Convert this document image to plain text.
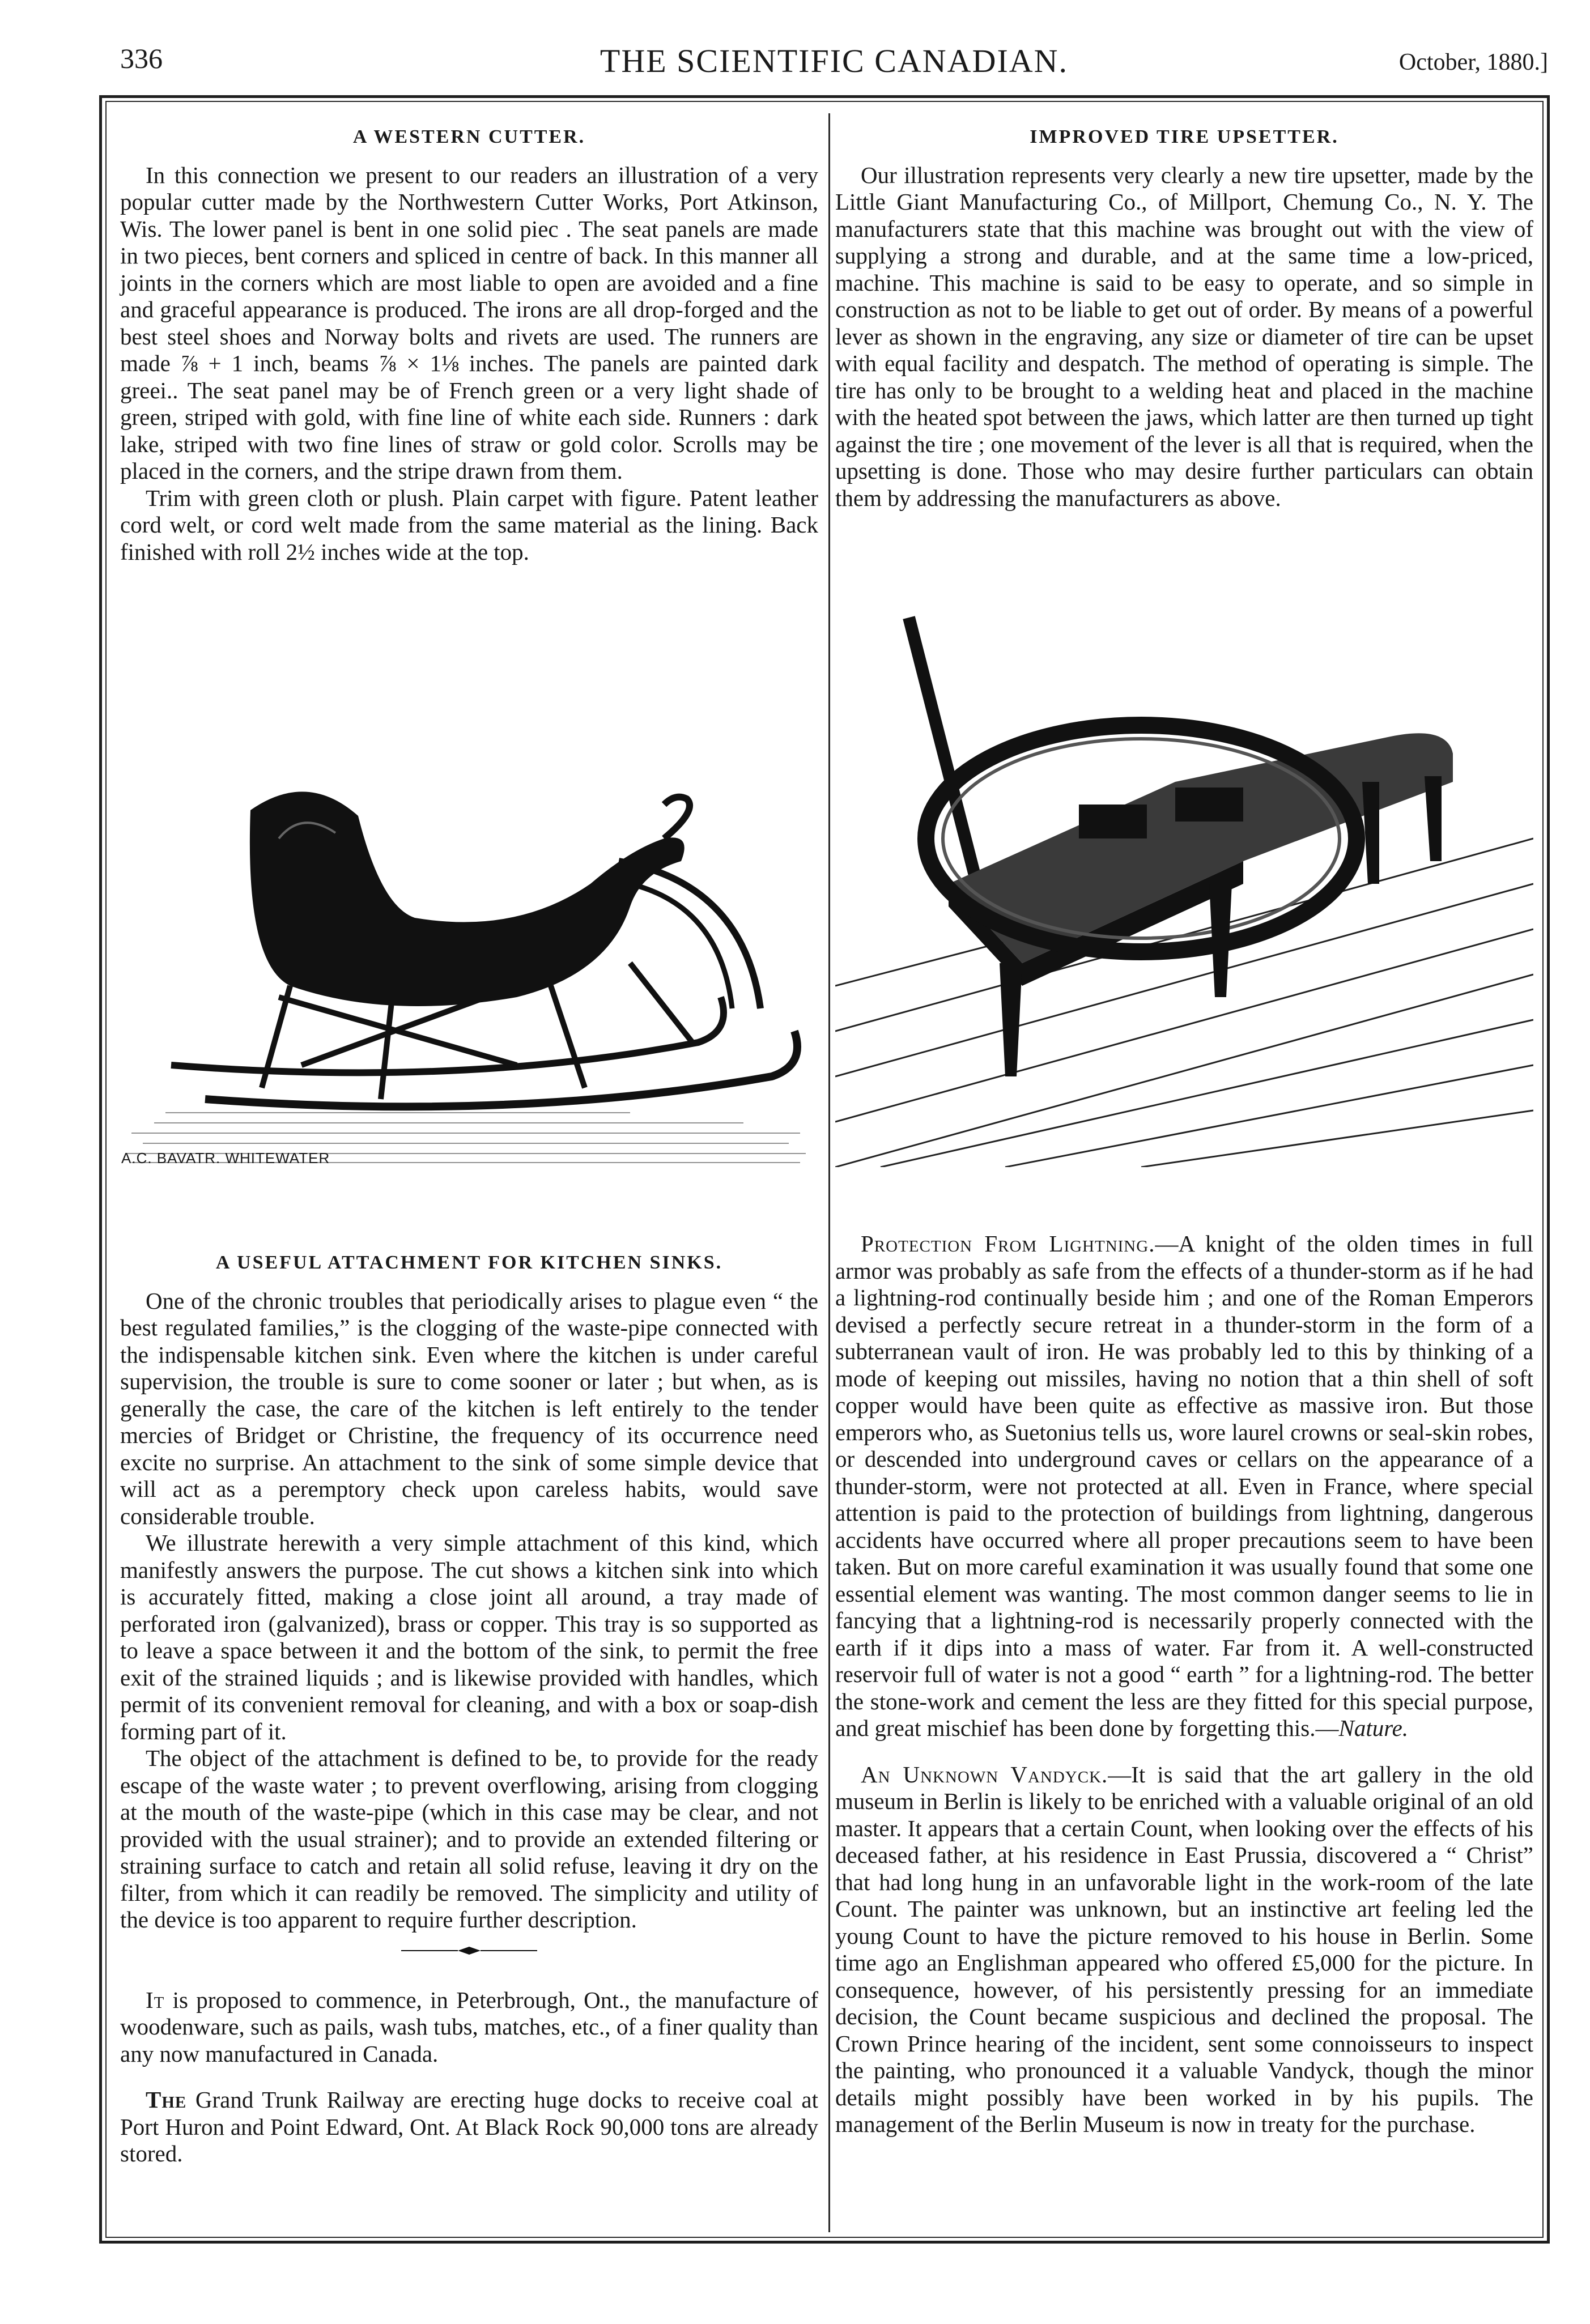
336	THE SCIENTIFIC CANADIAN.	October, 1880.]
A WESTERN CUTTER.

In this connection we present to our readers an illustration of a very popular cutter made by the Northwestern Cutter Works, Port Atkinson, Wis. The lower panel is bent in one solid piec . The seat panels are made in two pieces, bent corners and spliced in centre of back. In this manner all joints in the corners which are most liable to open are avoided and a fine and graceful appearance is produced. The irons are all drop-forged and the best steel shoes and Norway bolts and rivets are used. The runners are made ⅞ + 1 inch, beams ⅞ × 1⅛ inches. The panels are painted dark greei.. The seat panel may be of French green or a very light shade of green, striped with gold, with fine line of white each side. Runners : dark lake, striped with two fine lines of straw or gold color. Scrolls may be placed in the corners, and the stripe drawn from them.

Trim with green cloth or plush. Plain carpet with figure. Patent leather cord welt, or cord welt made from the same material as the lining. Back finished with roll 2½ inches wide at the top.

A.C. BAVATR. WHITEWATER
A USEFUL ATTACHMENT FOR KITCHEN SINKS.

One of the chronic troubles that periodically arises to plague even “ the best regulated families,” is the clogging of the waste-pipe connected with the indispensable kitchen sink. Even where the kitchen is under careful supervision, the trouble is sure to come sooner or later ; but when, as is generally the case, the care of the kitchen is left entirely to the tender mercies of Bridget or Christine, the frequency of its occurrence need excite no surprise. An attachment to the sink of some simple device that will act as a peremptory check upon careless habits, would save considerable trouble.

We illustrate herewith a very simple attachment of this kind, which manifestly answers the purpose. The cut shows a kitchen sink into which is accurately fitted, making a close joint all around, a tray made of perforated iron (galvanized), brass or copper. This tray is so supported as to leave a space between it and the bottom of the sink, to permit the free exit of the strained liquids ; and is likewise provided with handles, which permit of its convenient removal for cleaning, and with a box or soap-dish forming part of it.

The object of the attachment is defined to be, to provide for the ready escape of the waste water ; to prevent overflowing, arising from clogging at the mouth of the waste-pipe (which in this case may be clear, and not provided with the usual strainer); and to provide an extended filtering or straining surface to catch and retain all solid refuse, leaving it dry on the filter, from which it can readily be removed. The simplicity and utility of the device is too apparent to require further description.

It is proposed to commence, in Peterbrough, Ont., the manufacture of woodenware, such as pails, wash tubs, matches, etc., of a finer quality than any now manufactured in Canada.

The Grand Trunk Railway are erecting huge docks to receive coal at Port Huron and Point Edward, Ont. At Black Rock 90,000 tons are already stored.

IMPROVED TIRE UPSETTER.

Our illustration represents very clearly a new tire upsetter, made by the Little Giant Manufacturing Co., of Millport, Chemung Co., N. Y. The manufacturers state that this machine was brought out with the view of supplying a strong and durable, and at the same time a low-priced, machine. This machine is said to be easy to operate, and so simple in construction as not to be liable to get out of order. By means of a powerful lever as shown in the engraving, any size or diameter of tire can be upset with equal facility and despatch. The method of operating is simple. The tire has only to be brought to a welding heat and placed in the machine with the heated spot between the jaws, which latter are then turned up tight against the tire ; one movement of the lever is all that is required, when the upsetting is done. Those who may desire further particulars can obtain them by addressing the manufacturers as above.

Protection From Lightning.—A knight of the olden times in full armor was probably as safe from the effects of a thunder-storm as if he had a lightning-rod continually beside him ; and one of the Roman Emperors devised a perfectly secure retreat in a thunder-storm in the form of a subterranean vault of iron. He was probably led to this by thinking of a mode of keeping out missiles, having no notion that a thin shell of soft copper would have been quite as effective as massive iron. But those emperors who, as Suetonius tells us, wore laurel crowns or seal-skin robes, or descended into underground caves or cellars on the appearance of a thunder-storm, were not protected at all. Even in France, where special attention is paid to the protection of buildings from lightning, dangerous accidents have occurred where all proper precautions seem to have been taken. But on more careful examination it was usually found that some one essential element was wanting. The most common danger seems to lie in fancying that a lightning-rod is necessarily properly connected with the earth if it dips into a mass of water. Far from it. A well-constructed reservoir full of water is not a good “ earth ” for a lightning-rod. The better the stone-work and cement the less are they fitted for this special purpose, and great mischief has been done by forgetting this.—Nature.

An Unknown Vandyck.—It is said that the art gallery in the old museum in Berlin is likely to be enriched with a valuable original of an old master. It appears that a certain Count, when looking over the effects of his deceased father, at his residence in East Prussia, discovered a “ Christ” that had long hung in an unfavorable light in the work-room of the late Count. The painter was unknown, but an instinctive art feeling led the young Count to have the picture removed to his house in Berlin. Some time ago an Englishman appeared who offered £5,000 for the picture. In consequence, however, of his persistently pressing for an immediate decision, the Count became suspicious and declined the proposal. The Crown Prince hearing of the incident, sent some connoisseurs to inspect the painting, who pronounced it a valuable Vandyck, though the minor details might possibly have been worked in by his pupils. The management of the Berlin Museum is now in treaty for the purchase.
